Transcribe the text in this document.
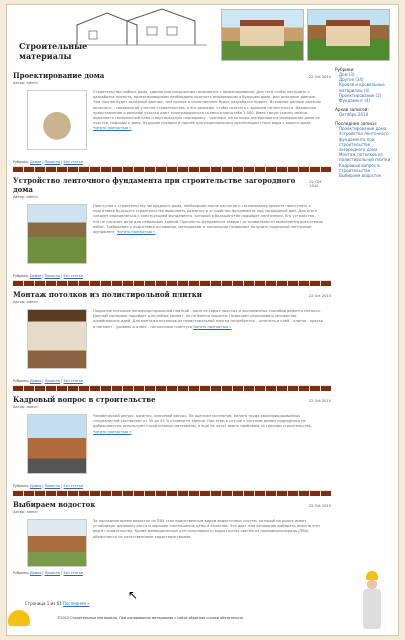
Строительные материалы
Проектирование дома	22 Oct 2010
Автор: admin
Строительство любого дома, здания или сооружения начинается с проектирования. Для того чтобы построить к разработке проекта, проектировщикам необходимо получить информацию о будущем доме, или исходные данные. Чем полнее будет исходные данные, тем полнее и качественнее будет разработан проект. Исходные данные должны включать: - сведения об участке строительства, о его рельефе, чтобы сочетать с зданием на местности. Идеальное представление о рельефе участка дает топографическая съемка в масштабе 1:500. Имея такую съемку можно выполнить генеральный план и вертикальную планировку - чертежи, на которых определяются размещение дома на участке, подходы к дому, будущие посадки и прочее для рационального организации стока воды с вашего дома. Читать полностью »
Рубрики: Домов | Проекты | Без статьи
Устройство ленточного фундамента при строительстве загородного дома
22 Oct 2010
Автор: admin
Приступая к строительству загородного дома, необходимо после расчетов и согласования проекта приступить к подготовке будущего строительства выполнить разметку и устройство фундамента под загородный дом. Для этого следует определиться с конструкцией фундамента, который в большинстве подойдет ленточного. Его устройство - это не сложное дело для небольших зданий. Прочность фундамента зависит от правильности выполнения всех этапов работ. Требования к подготовке основания, материалам и технологии позволяют получить надежный ленточный фундамент. Читать полностью »
Рубрики: Домов | Проекты | Без статьи
Монтаж потолков из полистирольной плитки	22 Oct 2010
Автор: admin
Покрытие потолков пенополистирольной плиткой - один из самых простых и экономичных способов ремонта потолка. Данный материал подойдет для любых комнат, он не боится сырости. Позволяет реализовать множество дизайнерских идей. Для монтажа потолков из полистирольной плитки потребуется: - шпатель и клей - плитка - краска и пигмент - уровень и отвес - потолочные плинтуса Читать полностью »
Рубрики: Домов | Проекты | Без статьи
Кадровый вопрос в строительстве	22 Oct 2010
Автор: admin
Человеческий ресурс, конечно, ключевой ресурс. По оценкам экспертов, оплата труда квалифицированных специалистов составляет от 30 до 45 % стоимости здания. При этом в случае с частным домом подрядчики не добросовестно используют строительные материалы, а ещё не хотят иметь проблемы со сроками строительства. Читать полностью »
Рубрики: Домов | Проекты | Без статьи
Выбираем водосток	22 Oct 2010
Автор: admin
За последние время водосток из ПВХ стал единственным видом водосточных систем, который на рынке имеет устойчивую динамику роста и хорошее соотношение цены и качества. Это дает нам основания выбирать именно этот вид в строительстве. Кроме демократичных цен популярность водосточных систем из поливинилхлорида (ПВХ) объясняется их качественными характеристиками.
Рубрики: Домов | Проекты | Без статьи
Рубрики:
Дом (3)
Другое (34)
Кровля и кровельные материалы (4)
Проектирование (2)
Фундамент (4)
Архив записей:
Октябрь 2010
Последние записи:
Проектирование дома
Устройство ленточного фундамента при строительстве загородного дома
Монтаж потолков из полистирольной плитки
Кадровый вопрос в строительстве
Выбираем водосток
Страница 1 из 61 Последняя »
↖
©2010 Строительные материалы. При копировании материалов с сайта обратная ссылка обязательна.
